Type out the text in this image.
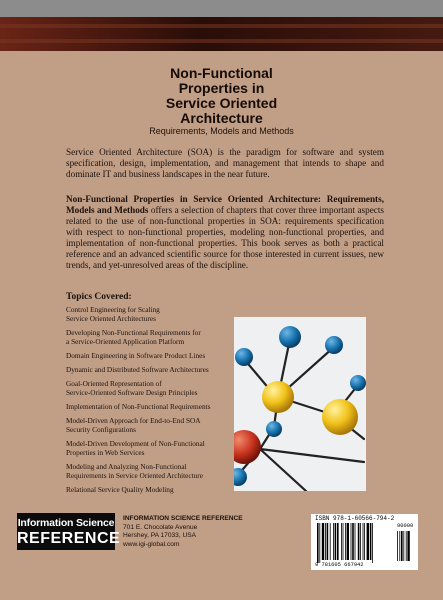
Non-Functional
Properties in
Service Oriented
Architecture
Requirements, Models and Methods

Service Oriented Architecture (SOA) is the paradigm for software and system specification, design, implementation, and management that intends to shape and dominate IT and business landscapes in the near future.

Non-Functional Properties in Service Oriented Architecture: Requirements, Models and Methods offers a selection of chapters that cover three important aspects related to the use of non-functional properties in SOA: requirements specification with respect to non-functional properties, modeling non-functional properties, and implementation of non-functional properties. This book serves as both a practical reference and an advanced scientific source for those interested in current issues, new trends, and yet-unresolved areas of the discipline.

Topics Covered:

Control Engineering for Scaling
Service Oriented Architectures

Developing Non-Functional Requirements for
a Service-Oriented Application Platform

Domain Engineering in Software Product Lines

Dynamic and Distributed Software Architectures

Goal-Oriented Representation of
Service-Oriented Software Design Principles

Implementation of Non-Functional Requirements

Model-Driven Approach for End-to-End SOA
Security Configurations

Model-Driven Development of Non-Functional
Properties in Web Services

Modeling and Analyzing Non-Functional
Requirements in Service Oriented Architecture

Relational Service Quality Modeling

Information Science
REFERENCE
INFORMATION SCIENCE REFERENCE
701 E. Chocolate Avenue
Hershey, PA 17033, USA
www.igi-global.com
ISBN 978-1-60566-794-2
90000
9 781605 667942
